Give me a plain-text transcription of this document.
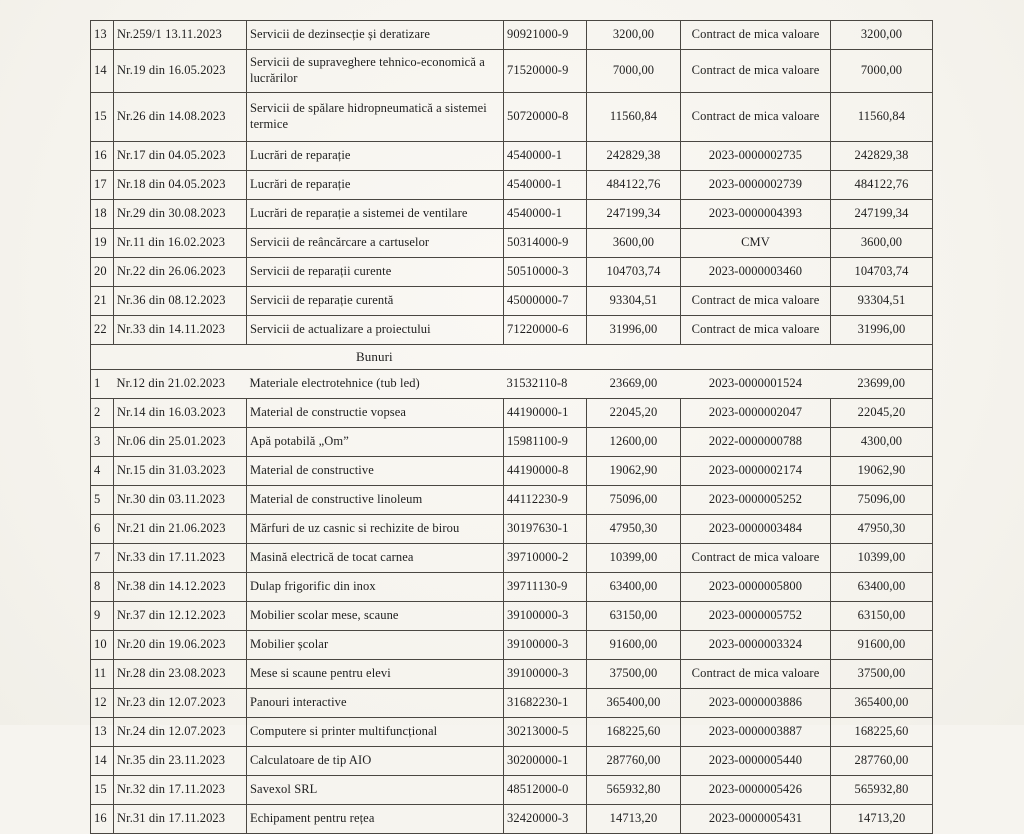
13	Nr.259/1 13.11.2023	Servicii de dezinsecție și deratizare	90921000-9	3200,00	Contract de mica valoare	3200,00
14	Nr.19 din 16.05.2023	Servicii de supraveghere tehnico-economică a lucrărilor	71520000-9	7000,00	Contract de mica valoare	7000,00
15	Nr.26 din 14.08.2023	Servicii de spălare hidropneumatică a sistemei termice	50720000-8	11560,84	Contract de mica valoare	11560,84
16	Nr.17 din 04.05.2023	Lucrări de reparație	4540000-1	242829,38	2023-0000002735	242829,38
17	Nr.18 din 04.05.2023	Lucrări de reparație	4540000-1	484122,76	2023-0000002739	484122,76
18	Nr.29 din 30.08.2023	Lucrări de reparație a sistemei de ventilare	4540000-1	247199,34	2023-0000004393	247199,34
19	Nr.11 din 16.02.2023	Servicii de reâncărcare a cartuselor	50314000-9	3600,00	CMV	3600,00
20	Nr.22 din 26.06.2023	Servicii de reparații curente	50510000-3	104703,74	2023-0000003460	104703,74
21	Nr.36 din 08.12.2023	Servicii de reparație curentă	45000000-7	93304,51	Contract de mica valoare	93304,51
22	Nr.33 din 14.11.2023	Servicii de actualizare a proiectului	71220000-6	31996,00	Contract de mica valoare	31996,00
Bunuri						
1	Nr.12 din 21.02.2023	Materiale electrotehnice (tub led)	31532110-8	23669,00	2023-0000001524	23699,00
2	Nr.14 din 16.03.2023	Material de constructie vopsea	44190000-1	22045,20	2023-0000002047	22045,20
3	Nr.06 din 25.01.2023	Apă potabilă „Om”	15981100-9	12600,00	2022-0000000788	4300,00
4	Nr.15 din 31.03.2023	Material de constructive	44190000-8	19062,90	2023-0000002174	19062,90
5	Nr.30 din 03.11.2023	Material de constructive linoleum	44112230-9	75096,00	2023-0000005252	75096,00
6	Nr.21 din 21.06.2023	Mărfuri de uz casnic si rechizite de birou	30197630-1	47950,30	2023-0000003484	47950,30
7	Nr.33 din 17.11.2023	Masină electrică de tocat carnea	39710000-2	10399,00	Contract de mica valoare	10399,00
8	Nr.38 din 14.12.2023	Dulap frigorific din inox	39711130-9	63400,00	2023-0000005800	63400,00
9	Nr.37 din 12.12.2023	Mobilier scolar mese, scaune	39100000-3	63150,00	2023-0000005752	63150,00
10	Nr.20 din 19.06.2023	Mobilier școlar	39100000-3	91600,00	2023-0000003324	91600,00
11	Nr.28 din 23.08.2023	Mese si scaune pentru elevi	39100000-3	37500,00	Contract de mica valoare	37500,00
12	Nr.23 din 12.07.2023	Panouri interactive	31682230-1	365400,00	2023-0000003886	365400,00
13	Nr.24 din 12.07.2023	Computere si printer multifuncțional	30213000-5	168225,60	2023-0000003887	168225,60
14	Nr.35 din 23.11.2023	Calculatoare de tip AIO	30200000-1	287760,00	2023-0000005440	287760,00
15	Nr.32 din 17.11.2023	Savexol SRL	48512000-0	565932,80	2023-0000005426	565932,80
16	Nr.31 din 17.11.2023	Echipament pentru rețea	32420000-3	14713,20	2023-0000005431	14713,20
